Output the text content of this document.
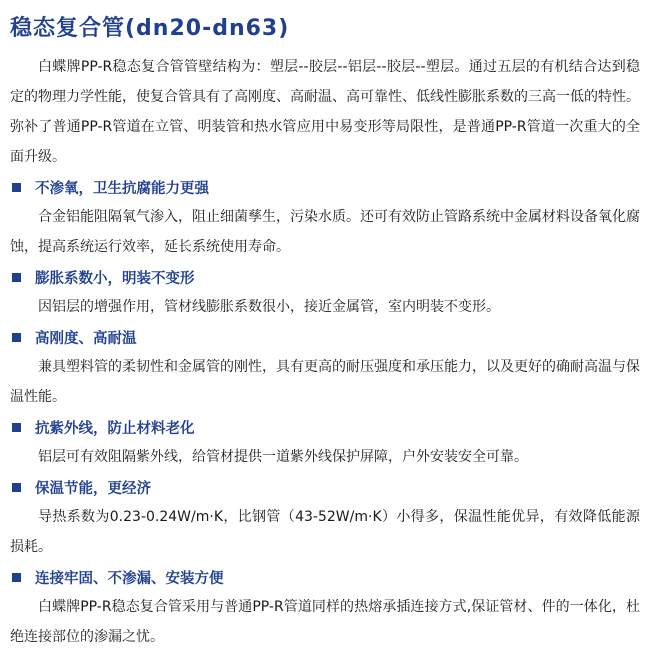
稳态复合管(dn20-dn63)

白蝶牌PP-R稳态复合管管壁结构为：塑层--胶层--铝层--胶层--塑层。通过五层的有机结合达到稳定的物理力学性能，使复合管具有了高刚度、高耐温、高可靠性、低线性膨胀系数的三高一低的特性。弥补了普通PP-R管道在立管、明装管和热水管应用中易变形等局限性，是普通PP-R管道一次重大的全面升级。

不渗氧，卫生抗腐能力更强

合金铝能阻隔氧气渗入，阻止细菌孳生，污染水质。还可有效防止管路系统中金属材料设备氧化腐蚀，提高系统运行效率，延长系统使用寿命。

膨胀系数小，明装不变形

因铝层的增强作用，管材线膨胀系数很小，接近金属管，室内明装不变形。

高刚度、高耐温

兼具塑料管的柔韧性和金属管的刚性，具有更高的耐压强度和承压能力，以及更好的确耐高温与保温性能。

抗紫外线，防止材料老化

铝层可有效阻隔紫外线，给管材提供一道紫外线保护屏障，户外安装安全可靠。

保温节能，更经济

导热系数为0.23-0.24W/m·K，比钢管（43-52W/m·K）小得多，保温性能优异，有效降低能源损耗。

连接牢固、不渗漏、安装方便

白蝶牌PP-R稳态复合管采用与普通PP-R管道同样的热熔承插连接方式,保证管材、件的一体化，杜绝连接部位的渗漏之忧。
